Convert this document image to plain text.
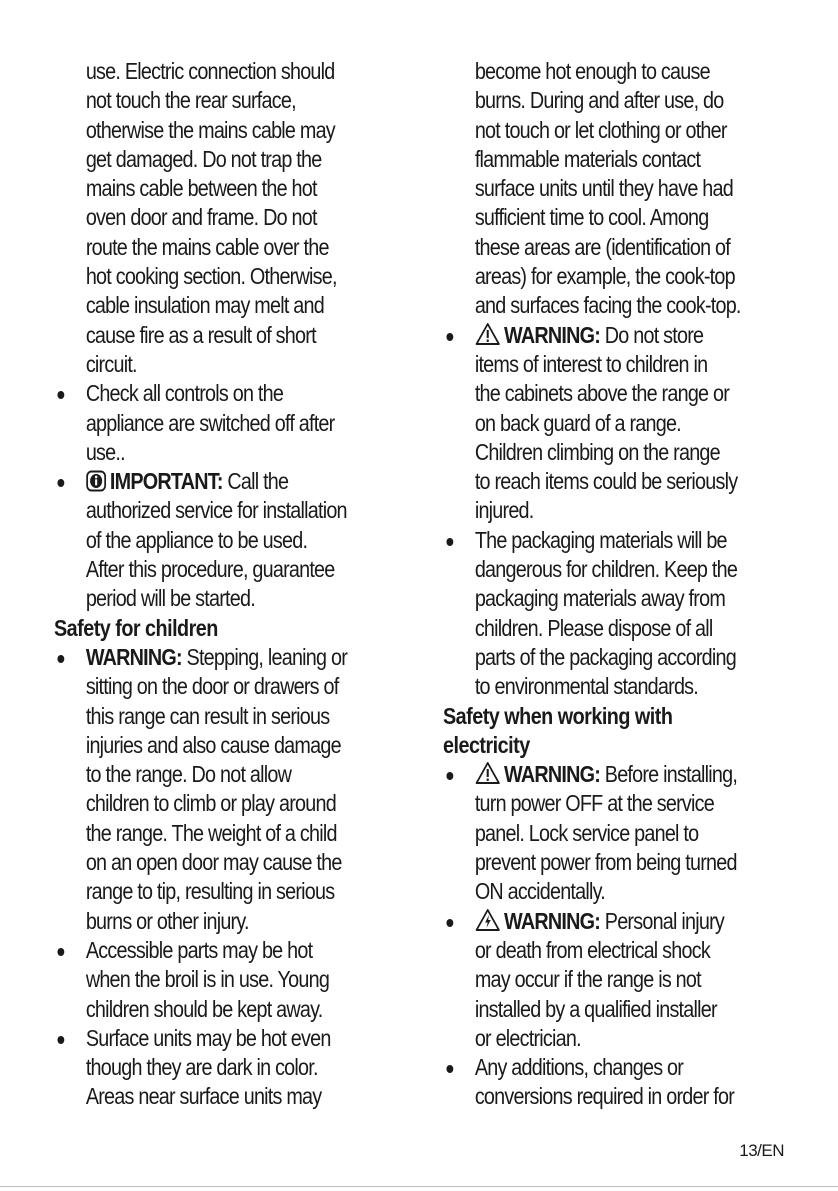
use. Electric connection should
not touch the rear surface,
otherwise the mains cable may
get damaged. Do not trap the
mains cable between the hot
oven door and frame. Do not
route the mains cable over the
hot cooking section. Otherwise,
cable insulation may melt and
cause fire as a result of short
circuit.
Check all controls on the
appliance are switched off after
use..
IMPORTANT: Call the
authorized service for installation
of the appliance to be used.
After this procedure, guarantee
period will be started.
Safety for children
WARNING: Stepping, leaning or
sitting on the door or drawers of
this range can result in serious
injuries and also cause damage
to the range. Do not allow
children to climb or play around
the range. The weight of a child
on an open door may cause the
range to tip, resulting in serious
burns or other injury.
Accessible parts may be hot
when the broil is in use. Young
children should be kept away.
Surface units may be hot even
though they are dark in color.
Areas near surface units may
become hot enough to cause
burns. During and after use, do
not touch or let clothing or other
flammable materials contact
surface units until they have had
sufficient time to cool. Among
these areas are (identification of
areas) for example, the cook-top
and surfaces facing the cook-top.
WARNING: Do not store
items of interest to children in
the cabinets above the range or
on back guard of a range.
Children climbing on the range
to reach items could be seriously
injured.
The packaging materials will be
dangerous for children. Keep the
packaging materials away from
children. Please dispose of all
parts of the packaging according
to environmental standards.
Safety when working with
electricity
WARNING: Before installing,
turn power OFF at the service
panel. Lock service panel to
prevent power from being turned
ON accidentally.
WARNING: Personal injury
or death from electrical shock
may occur if the range is not
installed by a qualified installer
or electrician.
Any additions, changes or
conversions required in order for
13/EN
